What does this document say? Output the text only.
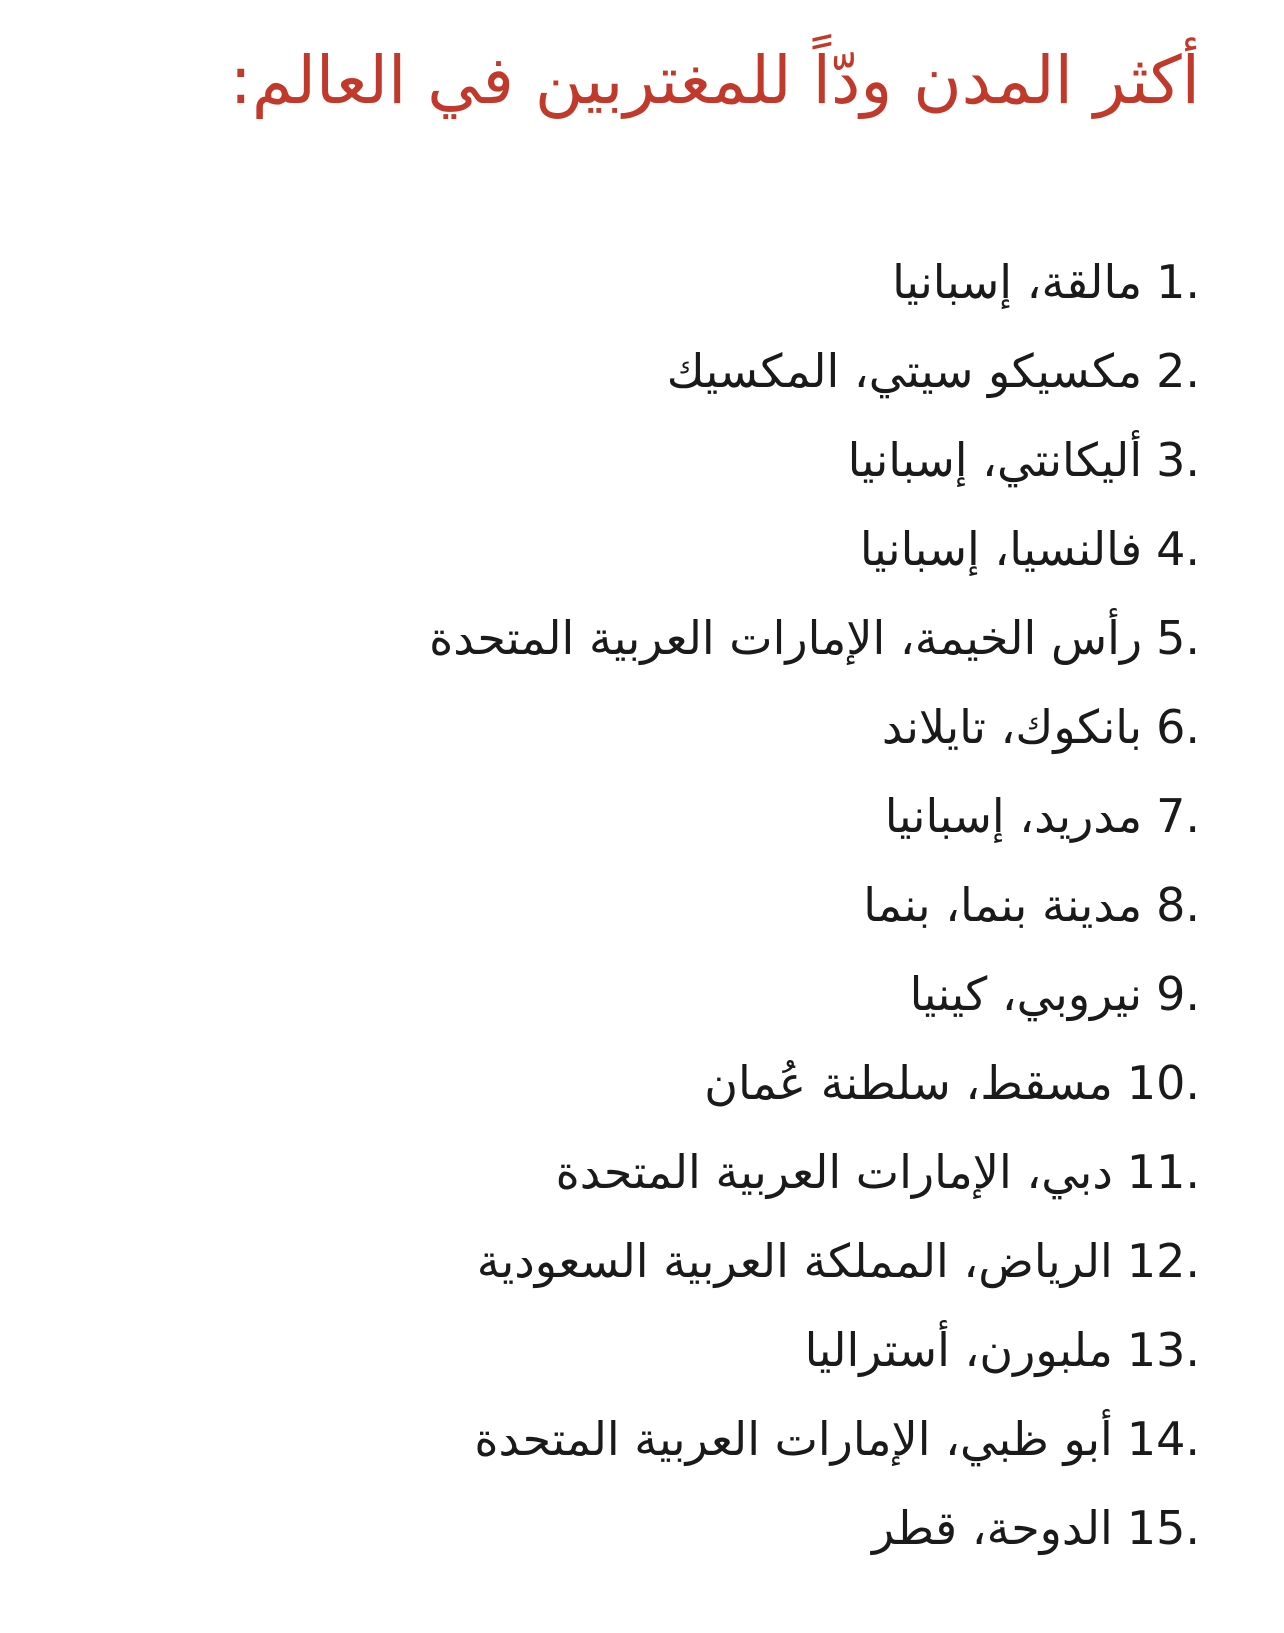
أكثر المدن ودّاً للمغتربين في العالم:
1.مالقة، إسبانيا
2.مكسيكو سيتي، المكسيك
3.أليكانتي، إسبانيا
4.فالنسيا، إسبانيا
5.رأس الخيمة، الإمارات العربية المتحدة
6.بانكوك، تايلاند
7.مدريد، إسبانيا
8.مدينة بنما، بنما
9.نيروبي، كينيا
10.مسقط، سلطنة عُمان
11.دبي، الإمارات العربية المتحدة
12.الرياض، المملكة العربية السعودية
13.ملبورن، أستراليا
14.أبو ظبي، الإمارات العربية المتحدة
15.الدوحة، قطر
